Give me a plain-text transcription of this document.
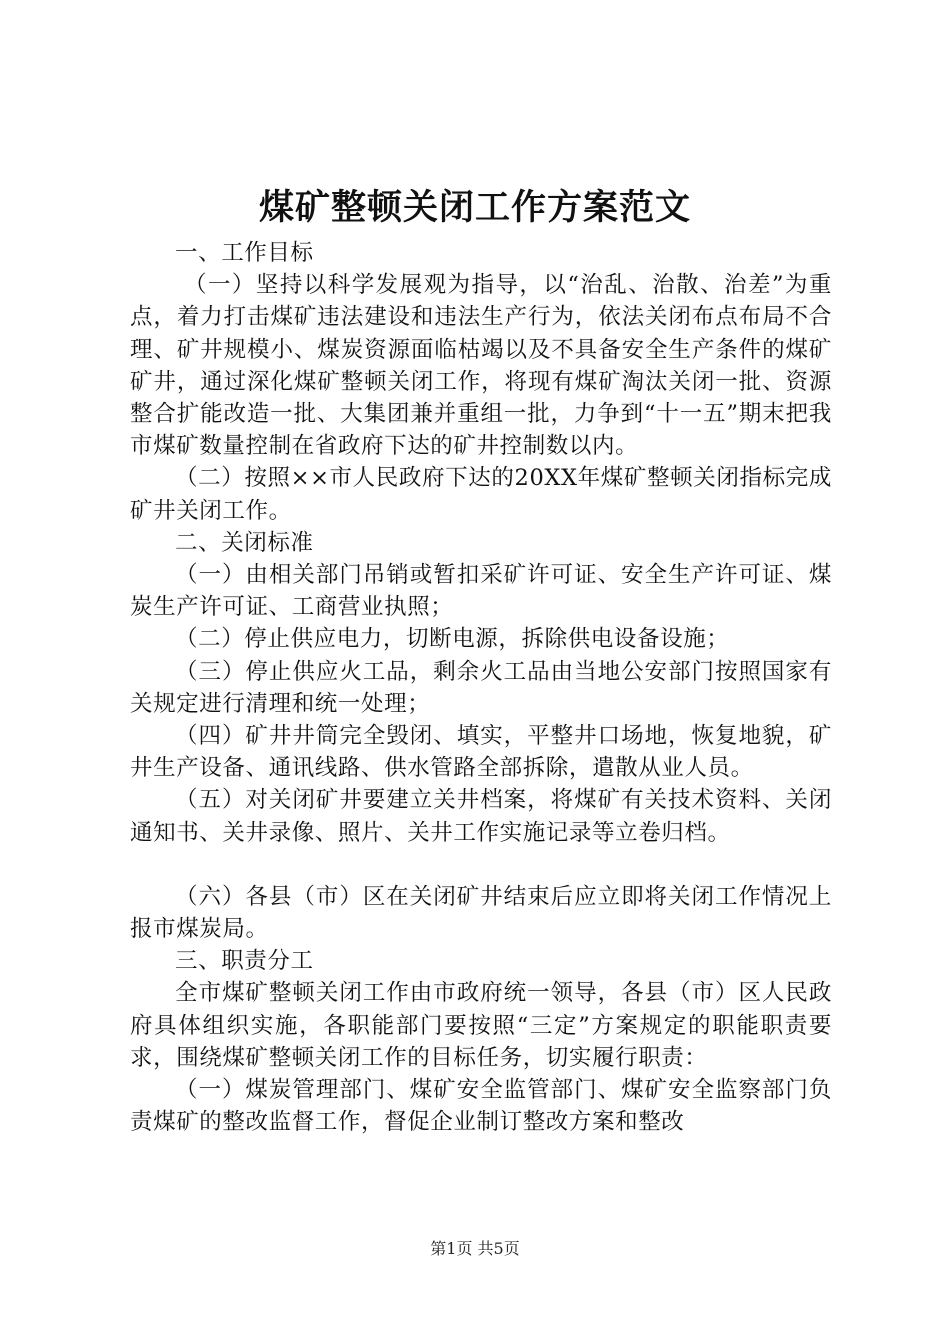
煤矿整顿关闭工作方案范文

一、工作目标

（一）坚持以科学发展观为指导，以“治乱、治散、治差”为重点，着力打击煤矿违法建设和违法生产行为，依法关闭布点布局不合理、矿井规模小、煤炭资源面临枯竭以及不具备安全生产条件的煤矿矿井，通过深化煤矿整顿关闭工作，将现有煤矿淘汰关闭一批、资源整合扩能改造一批、大集团兼并重组一批，力争到“十一五”期末把我市煤矿数量控制在省政府下达的矿井控制数以内。

（二）按照××市人民政府下达的20XX年煤矿整顿关闭指标完成矿井关闭工作。

二、关闭标准

（一）由相关部门吊销或暂扣采矿许可证、安全生产许可证、煤炭生产许可证、工商营业执照；

（二）停止供应电力，切断电源，拆除供电设备设施；

（三）停止供应火工品，剩余火工品由当地公安部门按照国家有关规定进行清理和统一处理；

（四）矿井井筒完全毁闭、填实，平整井口场地，恢复地貌，矿井生产设备、通讯线路、供水管路全部拆除，遣散从业人员。

（五）对关闭矿井要建立关井档案，将煤矿有关技术资料、关闭通知书、关井录像、照片、关井工作实施记录等立卷归档。

（六）各县（市）区在关闭矿井结束后应立即将关闭工作情况上报市煤炭局。

三、职责分工

全市煤矿整顿关闭工作由市政府统一领导，各县（市）区人民政府具体组织实施，各职能部门要按照“三定”方案规定的职能职责要求，围绕煤矿整顿关闭工作的目标任务，切实履行职责：

（一）煤炭管理部门、煤矿安全监管部门、煤矿安全监察部门负责煤矿的整改监督工作，督促企业制订整改方案和整改

第1页 共5页
